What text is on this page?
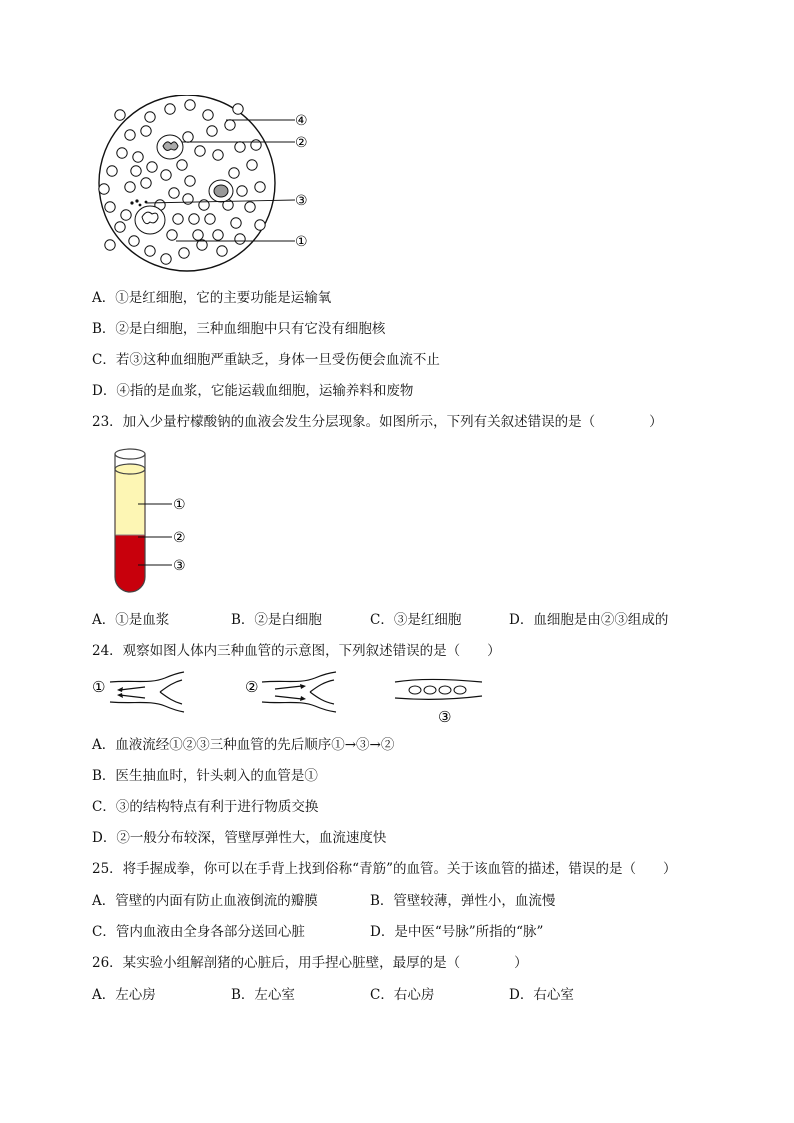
④
②
③
①
A．①是红细胞，它的主要功能是运输氧
B．②是白细胞，三种血细胞中只有它没有细胞核
C．若③这种血细胞严重缺乏，身体一旦受伤便会血流不止
D．④指的是血浆，它能运载血细胞，运输养料和废物
23．加入少量柠檬酸钠的血液会发生分层现象。如图所示，下列有关叙述错误的是（　　　　）
①
②
③
A．①是血浆	B．②是白细胞	C．③是红细胞	D．血细胞是由②③组成的
24．观察如图人体内三种血管的示意图，下列叙述错误的是（　　）
①	②
③
A．血液流经①②③三种血管的先后顺序①→③→②
B．医生抽血时，针头刺入的血管是①
C．③的结构特点有利于进行物质交换
D．②一般分布较深，管壁厚弹性大，血流速度快
25．将手握成拳，你可以在手背上找到俗称“青筋”的血管。关于该血管的描述，错误的是（　　）
A．管壁的内面有防止血液倒流的瓣膜	B．管壁较薄，弹性小，血流慢
C．管内血液由全身各部分送回心脏	D．是中医“号脉”所指的“脉”
26．某实验小组解剖猪的心脏后，用手捏心脏壁，最厚的是（　　　　）
A．左心房	B．左心室	C．右心房	D．右心室
